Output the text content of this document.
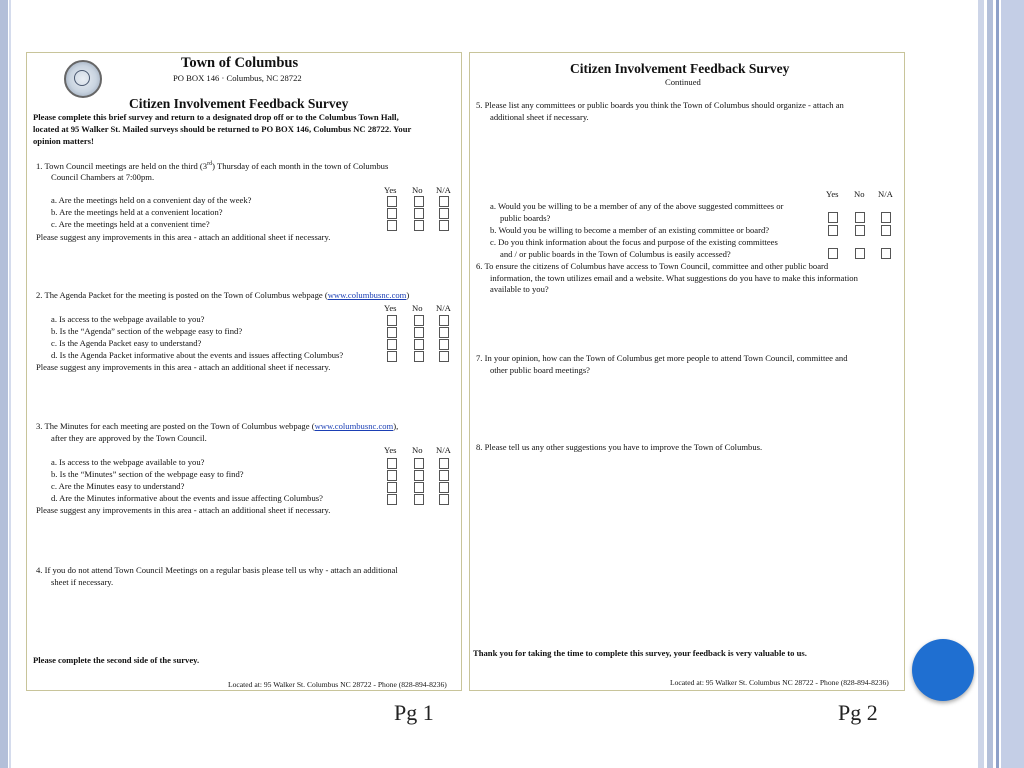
Town of Columbus
PO BOX 146 · Columbus, NC 28722
Citizen Involvement Feedback Survey
Please complete this brief survey and return to a designated drop off or to the Columbus Town Hall,
located at 95 Walker St. Mailed surveys should be returned to PO BOX 146, Columbus NC 28722. Your
opinion matters!
1. Town Council meetings are held on the third (3rd) Thursday of each month in the town of Columbus
Council Chambers at 7:00pm.
Yes No N/A
a. Are the meetings held on a convenient day of the week?
b. Are the meetings held at a convenient location?
c. Are the meetings held at a convenient time?
Please suggest any improvements in this area - attach an additional sheet if necessary.
2. The Agenda Packet for the meeting is posted on the Town of Columbus webpage (www.columbusnc.com)
Yes No N/A
a. Is access to the webpage available to you?
b. Is the “Agenda” section of the webpage easy to find?
c. Is the Agenda Packet easy to understand?
d. Is the Agenda Packet informative about the events and issues affecting Columbus?
Please suggest any improvements in this area - attach an additional sheet if necessary.
3. The Minutes for each meeting are posted on the Town of Columbus webpage (www.columbusnc.com),
after they are approved by the Town Council.
Yes No N/A
a. Is access to the webpage available to you?
b. Is the “Minutes” section of the webpage easy to find?
c. Are the Minutes easy to understand?
d. Are the Minutes informative about the events and issue affecting Columbus?
Please suggest any improvements in this area - attach an additional sheet if necessary.
4. If you do not attend Town Council Meetings on a regular basis please tell us why - attach an additional
sheet if necessary.
Please complete the second side of the survey.
Located at: 95 Walker St. Columbus NC 28722 - Phone (828-894-8236)
Citizen Involvement Feedback Survey
Continued
5. Please list any committees or public boards you think the Town of Columbus should organize - attach an
additional sheet if necessary.
Yes No N/A
a. Would you be willing to be a member of any of the above suggested committees or
public boards?
b. Would you be willing to become a member of an existing committee or board?
c. Do you think information about the focus and purpose of the existing committees
and / or public boards in the Town of Columbus is easily accessed?
6. To ensure the citizens of Columbus have access to Town Council, committee and other public board
information, the town utilizes email and a website. What suggestions do you have to make this information
available to you?
7. In your opinion, how can the Town of Columbus get more people to attend Town Council, committee and
other public board meetings?
8. Please tell us any other suggestions you have to improve the Town of Columbus.
Thank you for taking the time to complete this survey, your feedback is very valuable to us.
Located at: 95 Walker St. Columbus NC 28722 - Phone (828-894-8236)
Pg 1	Pg 2
